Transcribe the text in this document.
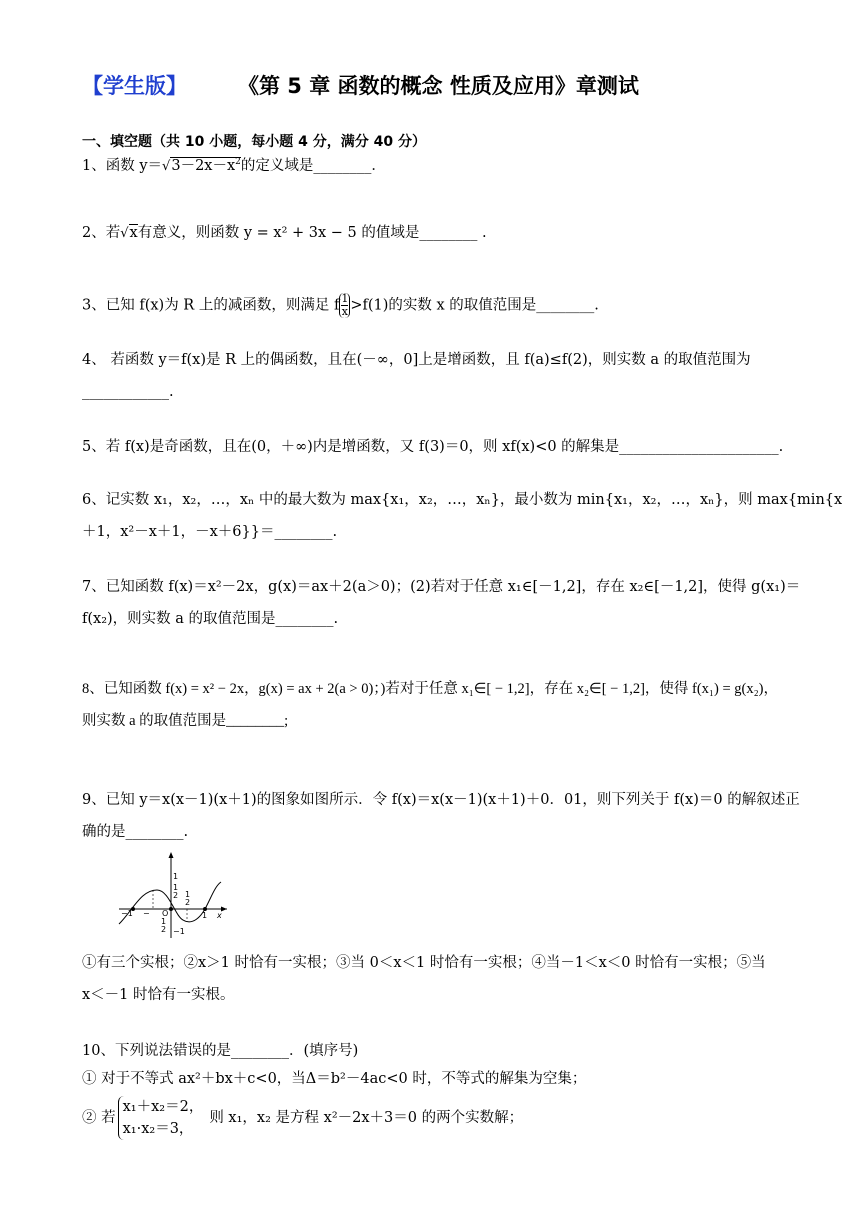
【学生版】 《第 5 章 函数的概念 性质及应用》章测试
一、填空题（共 10 小题，每小题 4 分，满分 40 分）
1、函数 $y=√3-2x-x^2$的定义域是________．
2、若√x有意义，则函数 y = x² + 3x − 5 的值域是________ .
3、已知 f(x)为 R 上的减函数，则满足 f $\frac{1}{x}>f(1)$的实数 x 的取值范围是________.
4、 若函数 y＝f(x)是 R 上的偶函数，且在(－∞，0]上是增函数，且 f(a)≤f(2)，则实数 a 的取值范围为
____________.
5、若 f(x)是奇函数，且在(0，＋∞)内是增函数，又 f(3)＝0，则 xf(x)<0 的解集是______________________.
6、记实数 x₁，x₂，…，xₙ 中的最大数为 max{x₁，x₂，…，xₙ}，最小数为 min{x₁，x₂，…，xₙ}，则 max{min{x
＋1，x²－x＋1，－x＋6}}＝________.
7、已知函数 f(x)＝x²－2x，g(x)＝ax＋2(a＞0)；(2)若对于任意 x₁∈[－1,2]，存在 x₂∈[－1,2]，使得 g(x₁)＝
f(x₂)，则实数 a 的取值范围是________.
8、已知函数 f(x) = x² − 2x，g(x) = ax + 2(a > 0)；)若对于任意 x₁∈[ − 1,2]，存在 x₂∈[ − 1,2]，使得 f(x₁) = g(x₂)，
则实数 a 的取值范围是________;
9、已知 y＝x(x－1)(x＋1)的图象如图所示．令 f(x)＝x(x－1)(x＋1)＋0．01，则下列关于 f(x)＝0 的解叙述正
确的是________.
1
1
2 1
2
−1 − O	1 x
1
2 −1
①有三个实根；②x＞1 时恰有一实根；③当 0＜x＜1 时恰有一实根；④当－1＜x＜0 时恰有一实根；⑤当
x＜－1 时恰有一实根。
10、下列说法错误的是________．(填序号)
① 对于不等式 ax²＋bx＋c<0，当Δ＝b²－4ac<0 时，不等式的解集为空集；
② 若
x₁＋x₂＝2，
x₁·x₂＝3，
则 x₁，x₂ 是方程 x²－2x＋3＝0 的两个实数解；
